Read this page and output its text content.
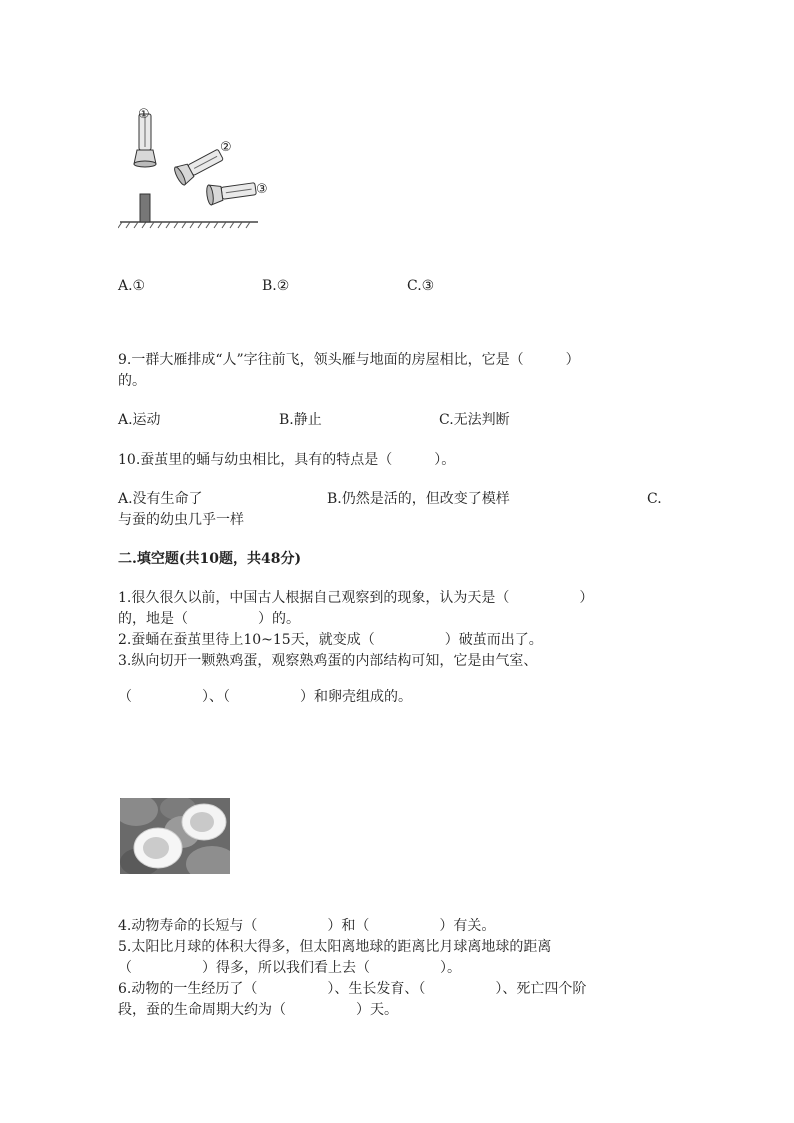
①
②
③
A.①	B.②	C.③
9.一群大雁排成“人”字往前飞，领头雁与地面的房屋相比，它是（　　　）
的。
A.运动	B.静止	C.无法判断
10.蚕茧里的蛹与幼虫相比，具有的特点是（　　　）。
A.没有生命了	B.仍然是活的，但改变了模样	C.
与蚕的幼虫几乎一样
二.填空题(共10题，共48分)
1.很久很久以前，中国古人根据自己观察到的现象，认为天是（　　　　　）
的，地是（　　　　　）的。
2.蚕蛹在蚕茧里待上10~15天，就变成（　　　　　）破茧而出了。
3.纵向切开一颗熟鸡蛋，观察熟鸡蛋的内部结构可知，它是由气室、
（　　　　　）、（　　　　　）和卵壳组成的。
4.动物寿命的长短与（　　　　　）和（　　　　　）有关。
5.太阳比月球的体积大得多，但太阳离地球的距离比月球离地球的距离
（　　　　　）得多，所以我们看上去（　　　　　）。
6.动物的一生经历了（　　　　　）、生长发育、（　　　　　）、死亡四个阶
段，蚕的生命周期大约为（　　　　　）天。
